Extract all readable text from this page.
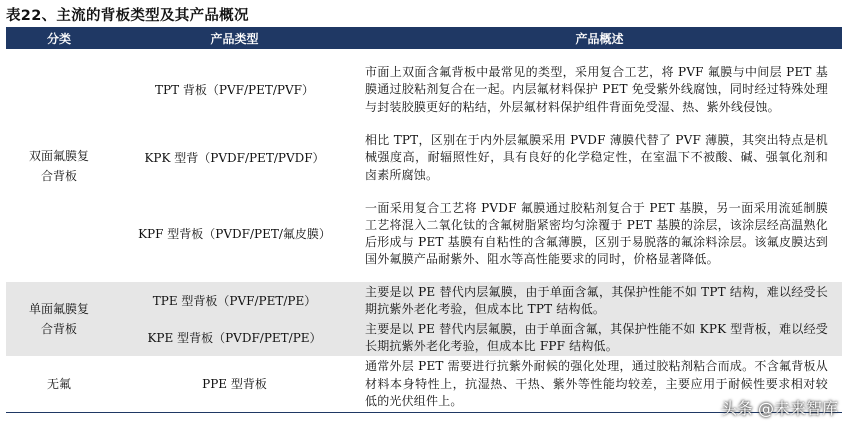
表22、主流的背板类型及其产品概况
分类	产品类型	产品概述

双面氟膜复合背板	TPT 背板（PVF/PET/PVF）	市面上双面含氟背板中最常见的类型，采用复合工艺，将 PVF 氟膜与中间层 PET 基膜通过胶粘剂复合在一起。内层氟材料保护 PET 免受紫外线腐蚀，同时经过特殊处理与封装胶膜更好的粘结，外层氟材料保护组件背面免受湿、热、紫外线侵蚀。
	KPK 型背（PVDF/PET/PVDF）	相比 TPT，区别在于内外层氟膜采用 PVDF 薄膜代替了 PVF 薄膜，其突出特点是机械强度高，耐辐照性好，具有良好的化学稳定性，在室温下不被酸、碱、强氧化剂和卤素所腐蚀。
	KPF 型背板（PVDF/PET/氟皮膜）	一面采用复合工艺将 PVDF 氟膜通过胶粘剂复合于 PET 基膜，另一面采用流延制膜工艺将混入二氧化钛的含氟树脂紧密均匀涂覆于 PET 基膜的涂层，该涂层经高温熟化后形成与 PET 基膜有自粘性的含氟薄膜，区别于易脱落的氟涂料涂层。该氟皮膜达到国外氟膜产品耐紫外、阻水等高性能要求的同时，价格显著降低。

单面氟膜复合背板	TPE 型背板（PVF/PET/PE）	主要是以 PE 替代内层氟膜，由于单面含氟，其保护性能不如 TPT 结构，难以经受长期抗紫外老化考验，但成本比 TPT 结构低。
	KPE 型背板（PVDF/PET/PE）	主要是以 PE 替代内层氟膜，由于单面含氟，其保护性能不如 KPK 型背板，难以经受长期抗紫外老化考验，但成本比 FPF 结构低。
无氟	PPE 型背板	通常外层 PET 需要进行抗紫外耐候的强化处理，通过胶粘剂粘合而成。不含氟背板从材料本身特性上，抗湿热、干热、紫外等性能均较差，主要应用于耐候性要求相对较低的光伏组件上。	头条 @未来智库
